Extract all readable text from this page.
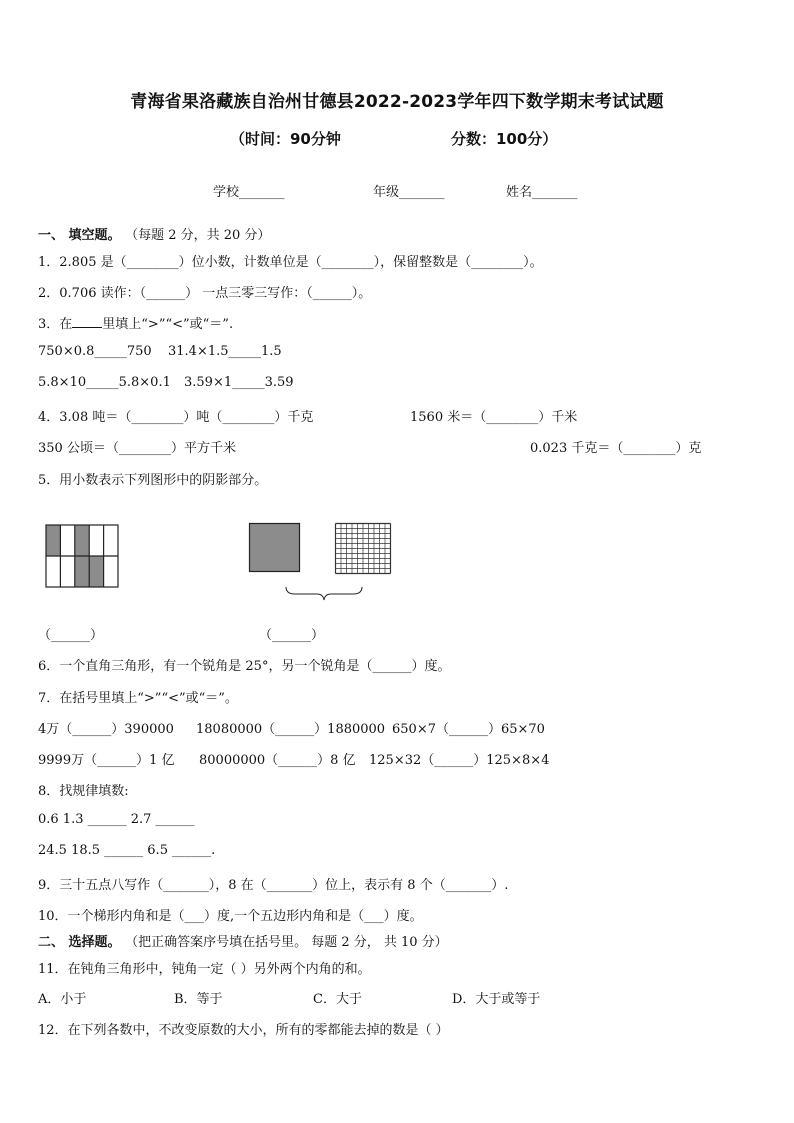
青海省果洛藏族自治州甘德县2022-2023学年四下数学期末考试试题
（时间：90分钟	分数：100分）
学校_______	年级_______	姓名_______
一、 填空题。 （每题 2 分，共 20 分）
1．2.805 是（________）位小数，计数单位是（________），保留整数是（________）。
2．0.706 读作：（______） 一点三零三写作：（______）。
3．在 里填上“>”“<”或“＝”.
750×0.8_____750 31.4×1.5_____1.5
5.8×10_____5.8×0.1 3.59×1_____3.59
4．3.08 吨＝（________）吨（________）千克	1560 米＝（________）千米
350 公顷＝（________）平方千米	0.023 千克＝（________）克
5．用小数表示下列图形中的阴影部分。
（______）	（______）
6．一个直角三角形，有一个锐角是 25°，另一个锐角是（______）度。
7．在括号里填上“>”“<”或“＝”。
4万（______）390000 18080000（______）1880000 650×7（______）65×70
9999万（______）1 亿 80000000（______）8 亿 125×32（______）125×8×4
8．找规律填数:
0.6 1.3 ______ 2.7 ______
24.5 18.5 ______ 6.5 ______.
9．三十五点八写作（_______），8 在（_______）位上，表示有 8 个（_______）.
10．一个梯形内角和是（___）度,一个五边形内角和是（___）度。
二、 选择题。 （把正确答案序号填在括号里。 每题 2 分， 共 10 分）
11．在钝角三角形中，钝角一定（ ）另外两个内角的和。
A．小于	B．等于	C．大于	D．大于或等于
12．在下列各数中，不改变原数的大小，所有的零都能去掉的数是（ ）
